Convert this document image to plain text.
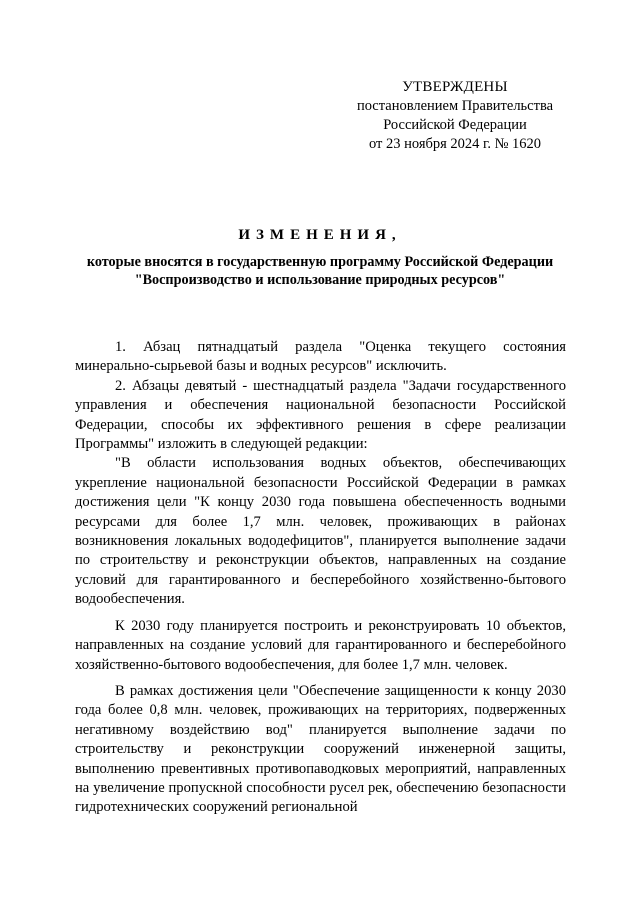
УТВЕРЖДЕНЫ
постановлением Правительства
Российской Федерации
от 23 ноября 2024 г. № 1620
ИЗМЕНЕНИЯ,
которые вносятся в государственную программу Российской Федерации "Воспроизводство и использование природных ресурсов"

1. Абзац пятнадцатый раздела "Оценка текущего состояния минерально-сырьевой базы и водных ресурсов" исключить.

2. Абзацы девятый - шестнадцатый раздела "Задачи государственного управления и обеспечения национальной безопасности Российской Федерации, способы их эффективного решения в сфере реализации Программы" изложить в следующей редакции:

"В области использования водных объектов, обеспечивающих укрепление национальной безопасности Российской Федерации в рамках достижения цели "К концу 2030 года повышена обеспеченность водными ресурсами для более 1,7 млн. человек, проживающих в районах возникновения локальных вододефицитов", планируется выполнение задачи по строительству и реконструкции объектов, направленных на создание условий для гарантированного и бесперебойного хозяйственно-бытового водообеспечения.

К 2030 году планируется построить и реконструировать 10 объектов, направленных на создание условий для гарантированного и бесперебойного хозяйственно-бытового водообеспечения, для более 1,7 млн. человек.

В рамках достижения цели "Обеспечение защищенности к концу 2030 года более 0,8 млн. человек, проживающих на территориях, подверженных негативному воздействию вод" планируется выполнение задачи по строительству и реконструкции сооружений инженерной защиты, выполнению превентивных противопаводковых мероприятий, направленных на увеличение пропускной способности русел рек, обеспечению безопасности гидротехнических сооружений региональной
